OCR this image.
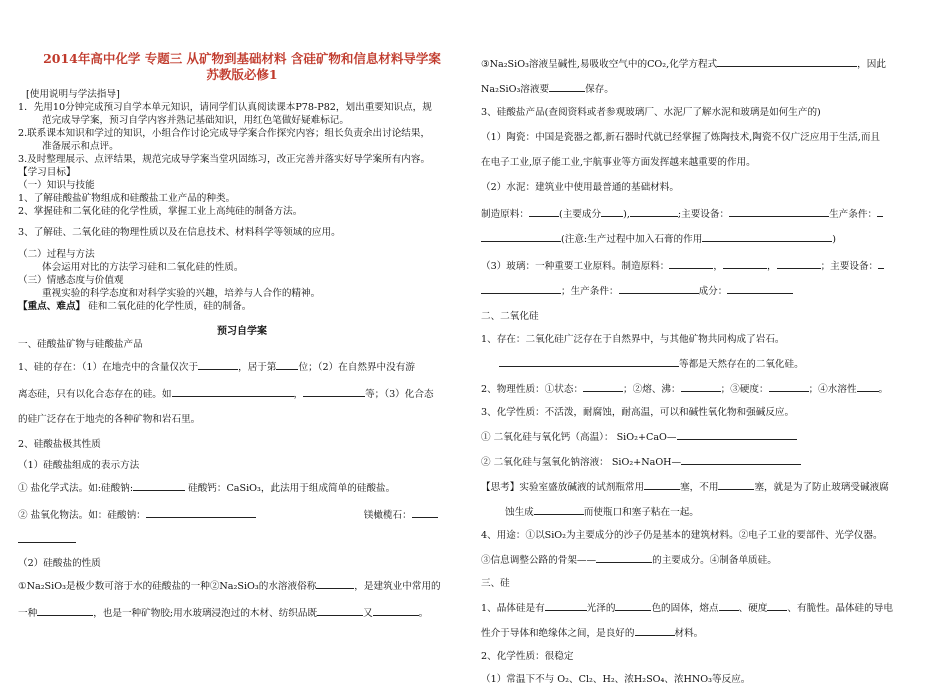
2014年高中化学 专题三 从矿物到基础材料 含硅矿物和信息材料导学案
苏教版必修1

[使用说明与学法指导]

1．先用10分钟完成预习自学本单元知识，请同学们认真阅读课本P78-P82，划出重要知识点，规

范完成导学案，预习自学内容并熟记基础知识，用红色笔做好疑难标记。

2.联系课本知识和学过的知识，小组合作讨论完成导学案合作探究内容；组长负责余出讨论结果，

准备展示和点评。

3.及时整理展示、点评结果，规范完成导学案当堂巩固练习，改正完善并落实好导学案所有内容。

【学习目标】

（一）知识与技能

1、了解硅酸盐矿物组成和硅酸盐工业产品的种类。

2、掌握硅和二氧化硅的化学性质，掌握工业上高纯硅的制备方法。

3、了解硅、二氧化硅的物理性质以及在信息技术、材料科学等领域的应用。

（二）过程与方法

体会运用对比的方法学习硅和二氧化硅的性质。

（三）情感态度与价值观

重视实验的科学态度和对科学实验的兴趣，培养与人合作的精神。

【重点、难点】 硅和二氧化硅的化学性质，硅的制备。

预习自学案

一、硅酸盐矿物与硅酸盐产品

1、硅的存在：（1）在地壳中的含量仅次于	，居于第 位；（2）在自然界中没有游

离态硅，只有以化合态存在的硅。如	，	等；（3）化合态

的硅广泛存在于地壳的各种矿物和岩石里。

2、硅酸盐极其性质

（1）硅酸盐组成的表示方法

① 盐化学式法。如:硅酸钠:	硅酸钙：CaSiO₃，此法用于组成简单的硅酸盐。

② 盐氧化物法。如：硅酸钠：	镁橄榄石：

（2）硅酸盐的性质

①Na₂SiO₃是极少数可溶于水的硅酸盐的一种②Na₂SiO₃的水溶液俗称	，是建筑业中常用的

一种	，也是一种矿物胶;用水玻璃浸泡过的木材、纺织品既	又	。

③Na₂SiO₃溶液呈碱性,易吸收空气中的CO₂,化学方程式	，因此

Na₂SiO₃溶液要	保存。

3、硅酸盐产品(查阅资料或者参观玻璃厂、水泥厂了解水泥和玻璃是如何生产的)

（1）陶瓷：中国是瓷器之都,新石器时代就已经掌握了炼陶技术,陶瓷不仅广泛应用于生活,而且

在电子工业,原子能工业,宇航事业等方面发挥越来越重要的作用。

（2）水泥：建筑业中使用最普通的基础材料。

制造原料：	(主要成分 ),	;主要设备：	生产条件：

(注意:生产过程中加入石膏的作用	)

（3）玻璃：一种重要工业原料。制造原料：	，	，	；主要设备：

；生产条件：	成分：

二、二氧化硅

1、存在：二氧化硅广泛存在于自然界中，与其他矿物共同构成了岩石。

等都是天然存在的二氧化硅。

2、物理性质：①状态：	；②熔、沸：	；③硬度：	；④水溶性 。

3、化学性质：不活泼，耐腐蚀，耐高温，可以和碱性氧化物和强碱反应。

① 二氧化硅与氧化钙（高温）： SiO₂+CaO—

② 二氧化硅与氢氧化钠溶液： SiO₂+NaOH—

【思考】实验室盛放碱液的试剂瓶常用	塞，不用	塞，就是为了防止玻璃受碱液腐

蚀生成	而使瓶口和塞子粘在一起。

4、用途：①以SiO₂为主要成分的沙子仍是基本的建筑材料。②电子工业的要部件、光学仪器。

③信息调整公路的骨架——	的主要成分。④制备单质硅。

三、硅

1、晶体硅是有	光泽的	色的固体，熔点 、硬度 、有脆性。晶体硅的导电

性介于导体和绝缘体之间，是良好的	材料。

2、化学性质：很稳定

（1）常温下不与 O₂、Cl₂、H₂、浓H₂SO₄、浓HNO₃等反应。
